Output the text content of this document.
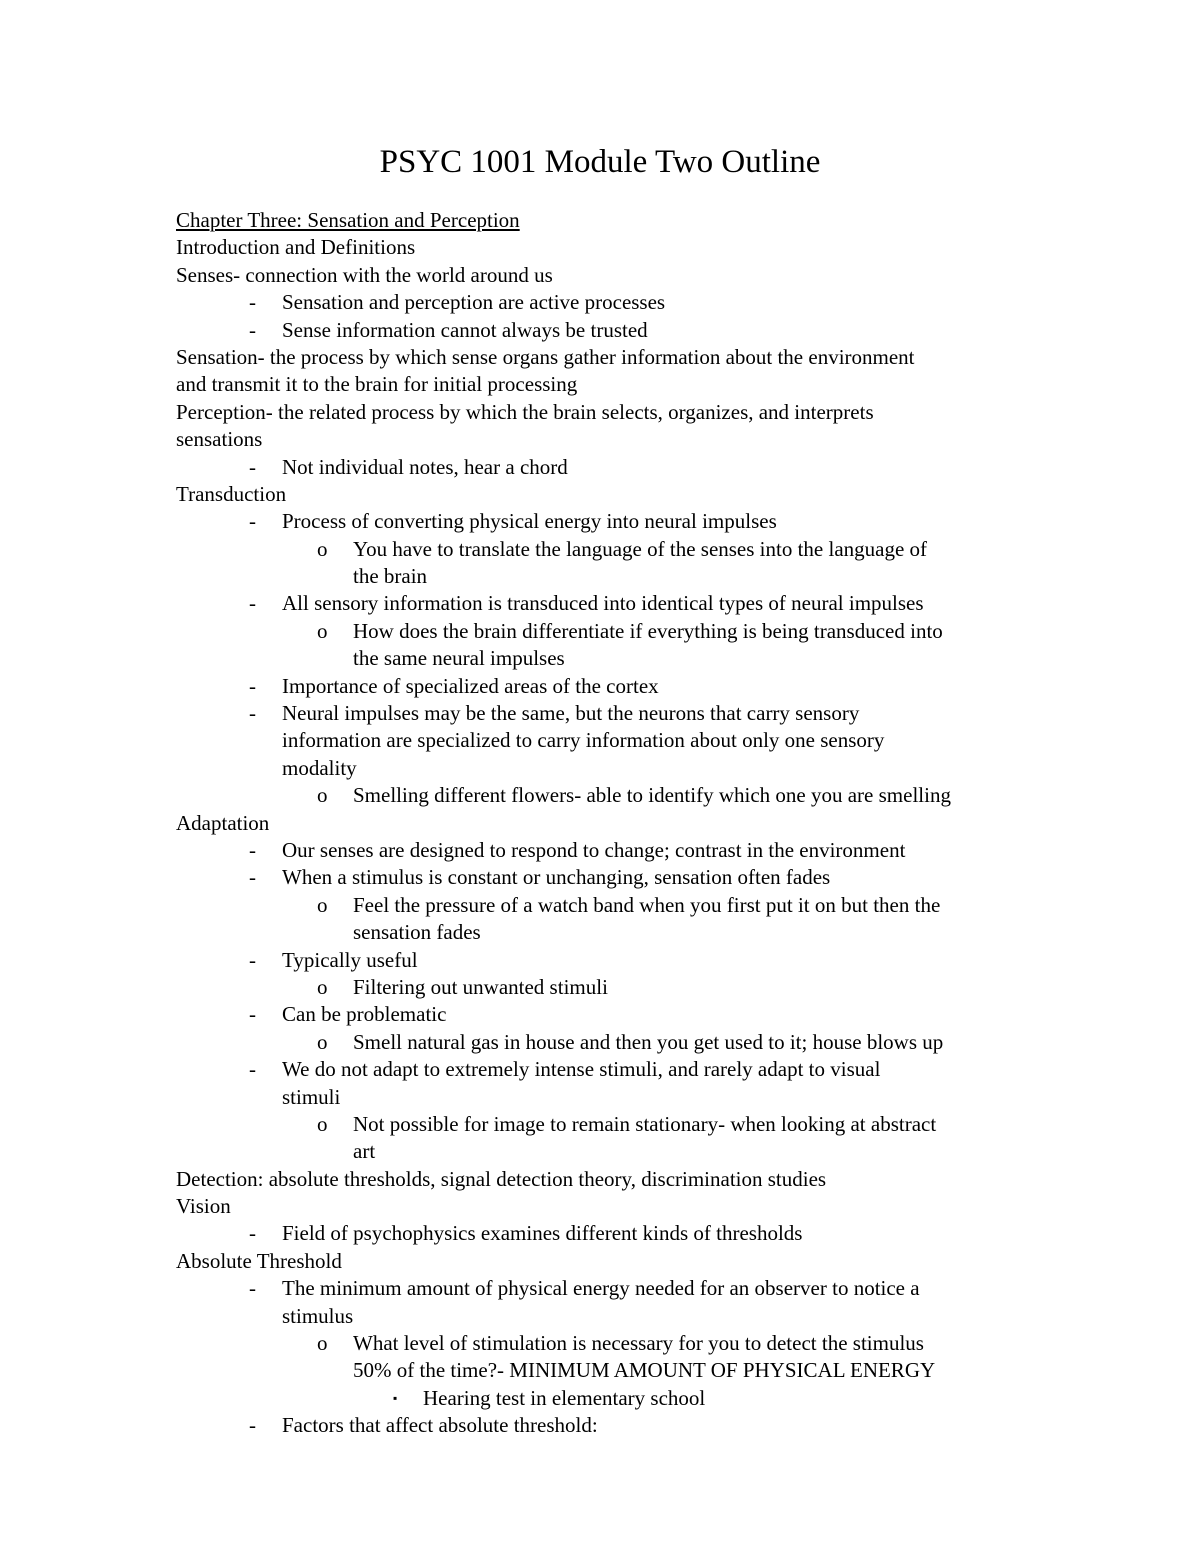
PSYC 1001 Module Two Outline
Chapter Three: Sensation and Perception
Introduction and Definitions
Senses- connection with the world around us
- Sensation and perception are active processes
- Sense information cannot always be trusted
Sensation- the process by which sense organs gather information about the environment
and transmit it to the brain for initial processing
Perception- the related process by which the brain selects, organizes, and interprets
sensations
- Not individual notes, hear a chord
Transduction
- Process of converting physical energy into neural impulses
o You have to translate the language of the senses into the language of
the brain
- All sensory information is transduced into identical types of neural impulses
o How does the brain differentiate if everything is being transduced into
the same neural impulses
- Importance of specialized areas of the cortex
- Neural impulses may be the same, but the neurons that carry sensory
information are specialized to carry information about only one sensory
modality
o Smelling different flowers- able to identify which one you are smelling
Adaptation
- Our senses are designed to respond to change; contrast in the environment
- When a stimulus is constant or unchanging, sensation often fades
o Feel the pressure of a watch band when you first put it on but then the
sensation fades
- Typically useful
o Filtering out unwanted stimuli
- Can be problematic
o Smell natural gas in house and then you get used to it; house blows up
- We do not adapt to extremely intense stimuli, and rarely adapt to visual
stimuli
o Not possible for image to remain stationary- when looking at abstract
art
Detection: absolute thresholds, signal detection theory, discrimination studies
Vision
- Field of psychophysics examines different kinds of thresholds
Absolute Threshold
- The minimum amount of physical energy needed for an observer to notice a
stimulus
o What level of stimulation is necessary for you to detect the stimulus
50% of the time?- MINIMUM AMOUNT OF PHYSICAL ENERGY
▪ Hearing test in elementary school
- Factors that affect absolute threshold:
